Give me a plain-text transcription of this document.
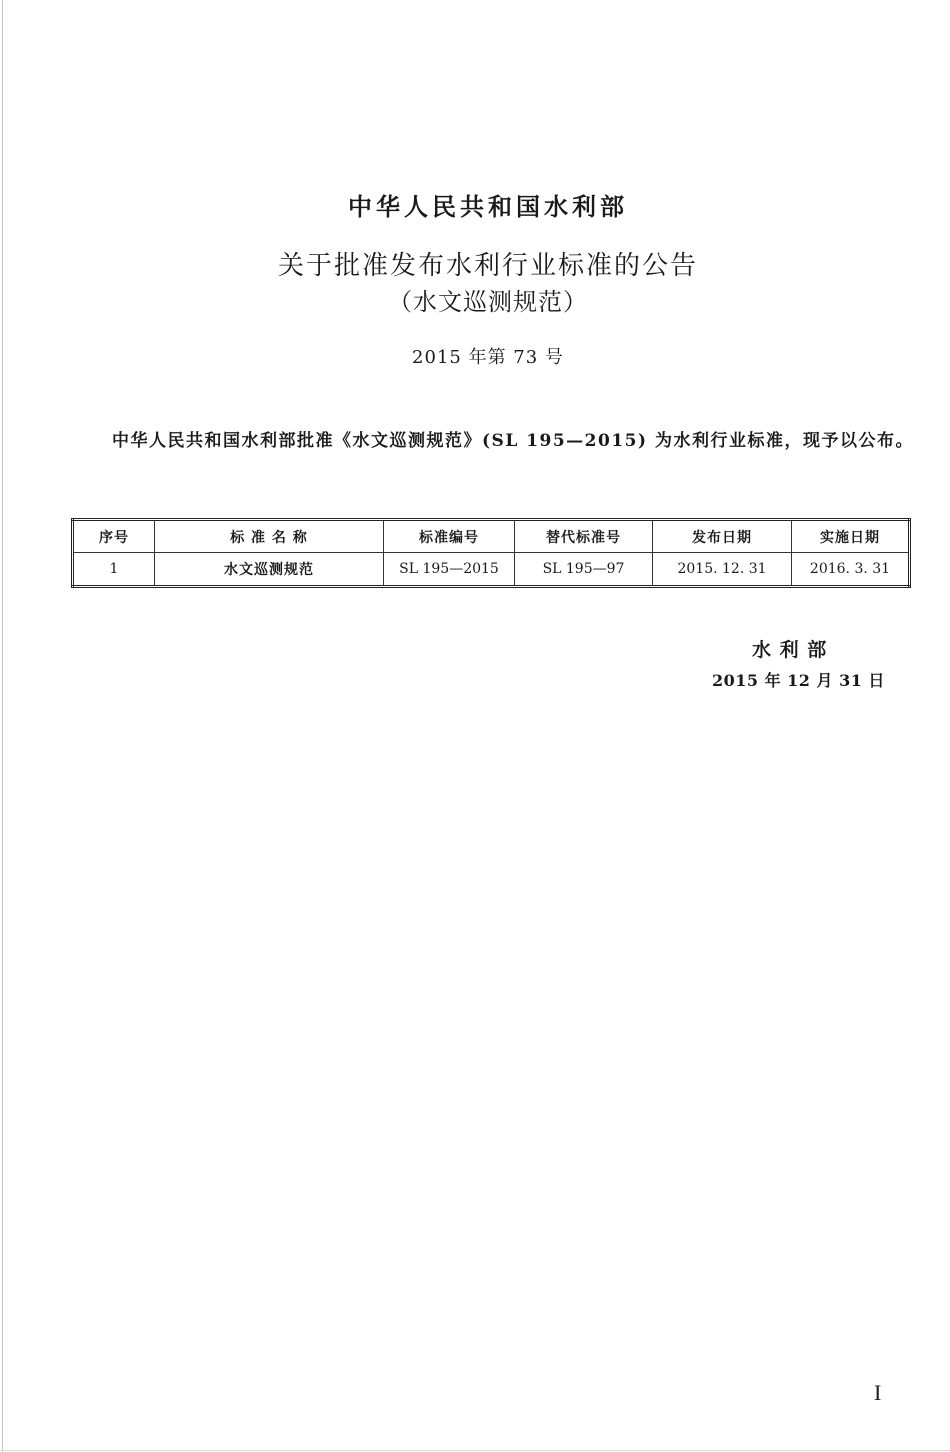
中华人民共和国水利部
关于批准发布水利行业标准的公告
（水文巡测规范）
2015 年第 73 号
中华人民共和国水利部批准《水文巡测规范》(SL 195—2015) 为水利行业标准，现予以公布。
序号	标 准 名 称	标准编号	替代标准号	发布日期	实施日期
1	水文巡测规范	SL 195—2015	SL 195—97	2015. 12. 31	2016. 3. 31
水 利 部
2015 年 12 月 31 日
I
